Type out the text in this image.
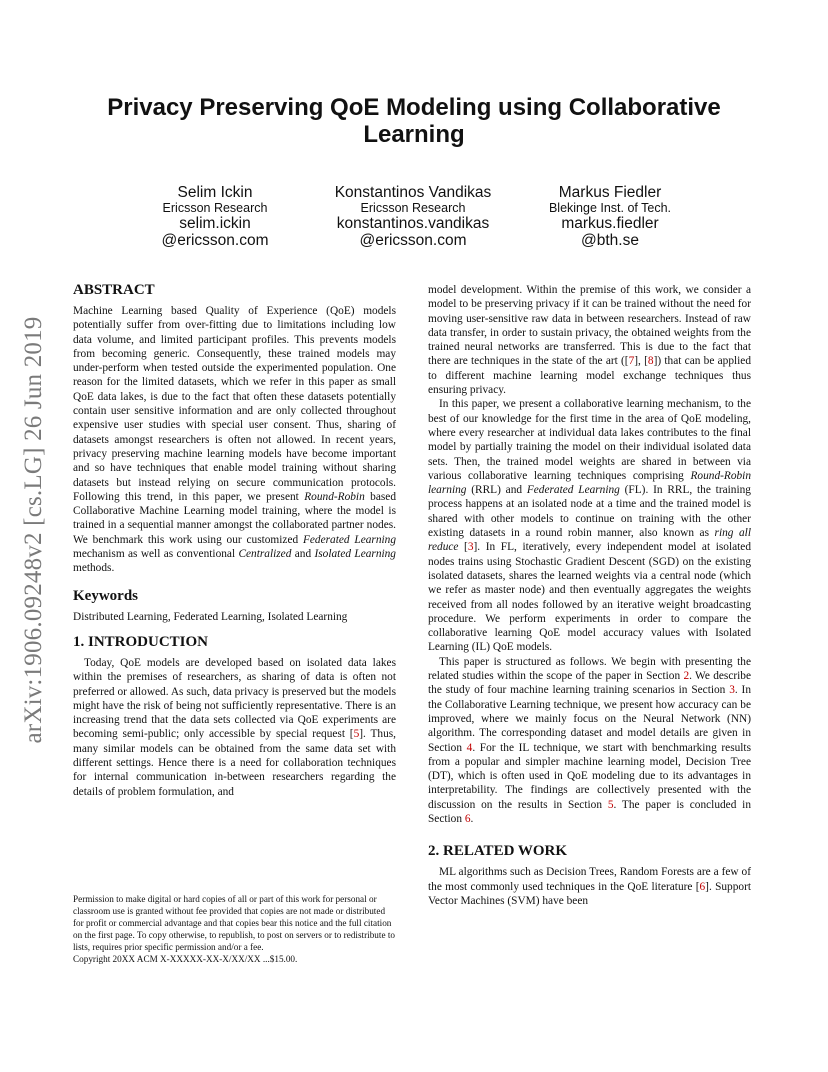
arXiv:1906.09248v2 [cs.LG] 26 Jun 2019
Privacy Preserving QoE Modeling using Collaborative Learning
Selim Ickin
Ericsson Research
selim.ickin
@ericsson.com
Konstantinos Vandikas
Ericsson Research
konstantinos.vandikas
@ericsson.com
Markus Fiedler
Blekinge Inst. of Tech.
markus.fiedler
@bth.se
ABSTRACT

Machine Learning based Quality of Experience (QoE) models potentially suffer from over-fitting due to limitations including low data volume, and limited participant profiles. This prevents models from becoming generic. Consequently, these trained models may under-perform when tested outside the experimented population. One reason for the limited datasets, which we refer in this paper as small QoE data lakes, is due to the fact that often these datasets potentially contain user sensitive information and are only collected throughout expensive user studies with special user consent. Thus, sharing of datasets amongst researchers is often not allowed. In recent years, privacy preserving machine learning models have become important and so have techniques that enable model training without sharing datasets but instead relying on secure communication protocols. Following this trend, in this paper, we present Round-Robin based Collaborative Machine Learning model training, where the model is trained in a sequential manner amongst the collaborated partner nodes. We benchmark this work using our customized Federated Learning mechanism as well as conventional Centralized and Isolated Learning methods.

Keywords

Distributed Learning, Federated Learning, Isolated Learning

1. INTRODUCTION

Today, QoE models are developed based on isolated data lakes within the premises of researchers, as sharing of data is often not preferred or allowed. As such, data privacy is preserved but the models might have the risk of being not sufficiently representative. There is an increasing trend that the data sets collected via QoE experiments are becoming semi-public; only accessible by special request [5]. Thus, many similar models can be obtained from the same data set with different settings. Hence there is a need for collaboration techniques for internal communication in-between researchers regarding the details of problem formulation, and

Permission to make digital or hard copies of all or part of this work for personal or classroom use is granted without fee provided that copies are not made or distributed for profit or commercial advantage and that copies bear this notice and the full citation on the first page. To copy otherwise, to republish, to post on servers or to redistribute to lists, requires prior specific permission and/or a fee.

Copyright 20XX ACM X-XXXXX-XX-X/XX/XX ...$15.00.

model development. Within the premise of this work, we consider a model to be preserving privacy if it can be trained without the need for moving user-sensitive raw data in between researchers. Instead of raw data transfer, in order to sustain privacy, the obtained weights from the trained neural networks are transferred. This is due to the fact that there are techniques in the state of the art ([7], [8]) that can be applied to different machine learning model exchange techniques thus ensuring privacy.

In this paper, we present a collaborative learning mechanism, to the best of our knowledge for the first time in the area of QoE modeling, where every researcher at individual data lakes contributes to the final model by partially training the model on their individual isolated data sets. Then, the trained model weights are shared in between via various collaborative learning techniques comprising Round-Robin learning (RRL) and Federated Learning (FL). In RRL, the training process happens at an isolated node at a time and the trained model is shared with other models to continue on training with the other existing datasets in a round robin manner, also known as ring all reduce [3]. In FL, iteratively, every independent model at isolated nodes trains using Stochastic Gradient Descent (SGD) on the existing isolated datasets, shares the learned weights via a central node (which we refer as master node) and then eventually aggregates the weights received from all nodes followed by an iterative weight broadcasting procedure. We perform experiments in order to compare the collaborative learning QoE model accuracy values with Isolated Learning (IL) QoE models.

This paper is structured as follows. We begin with presenting the related studies within the scope of the paper in Section 2. We describe the study of four machine learning training scenarios in Section 3. In the Collaborative Learning technique, we present how accuracy can be improved, where we mainly focus on the Neural Network (NN) algorithm. The corresponding dataset and model details are given in Section 4. For the IL technique, we start with benchmarking results from a popular and simpler machine learning model, Decision Tree (DT), which is often used in QoE modeling due to its advantages in interpretability. The findings are collectively presented with the discussion on the results in Section 5. The paper is concluded in Section 6.

2. RELATED WORK

ML algorithms such as Decision Trees, Random Forests are a few of the most commonly used techniques in the QoE literature [6]. Support Vector Machines (SVM) have been
